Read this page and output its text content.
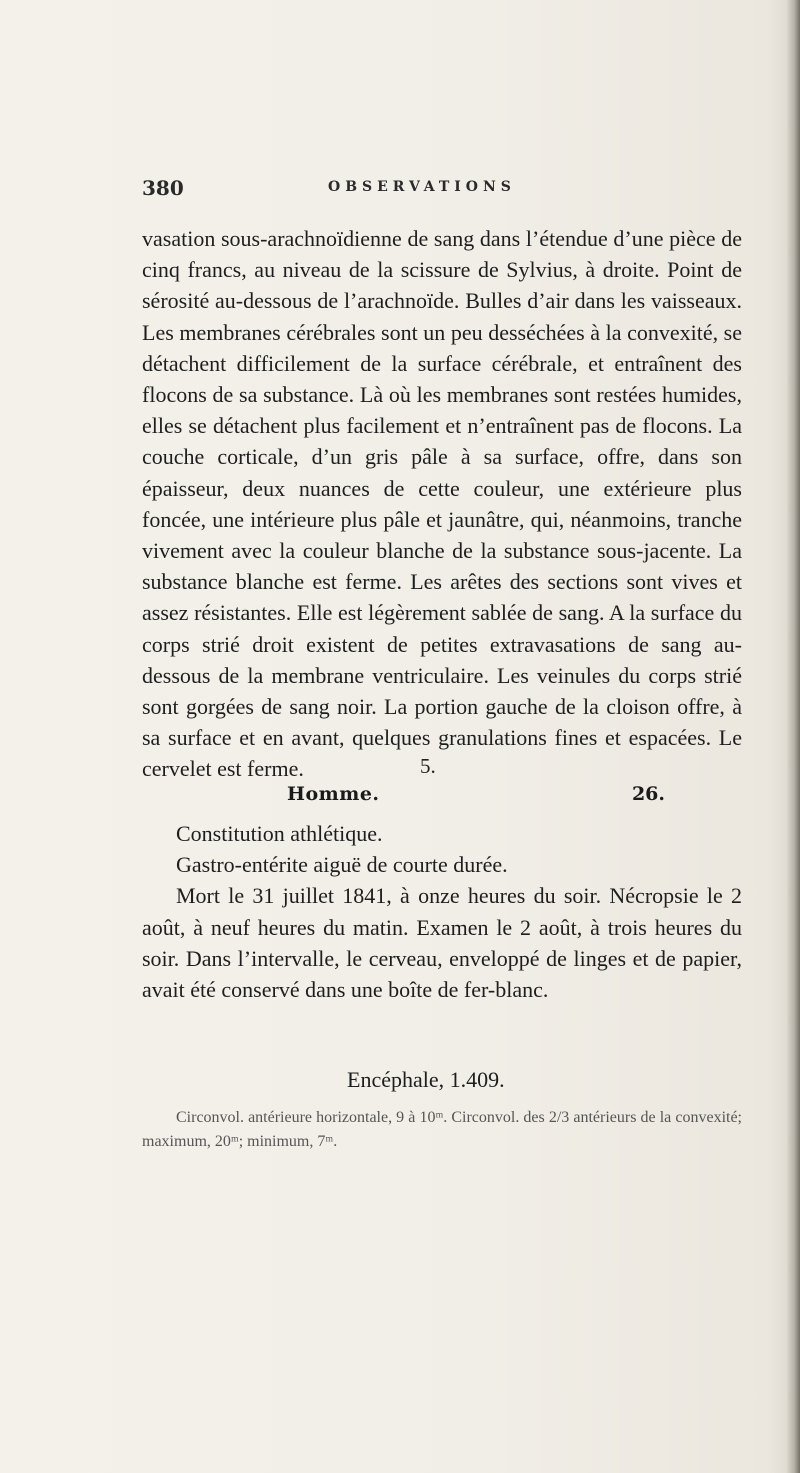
380	OBSERVATIONS

vasation sous-arachnoïdienne de sang dans l’étendue d’une pièce de cinq francs, au niveau de la scissure de Sylvius, à droite. Point de sérosité au-dessous de l’arachnoïde. Bulles d’air dans les vaisseaux. Les membranes cérébrales sont un peu desséchées à la convexité, se détachent difficilement de la surface cérébrale, et entraînent des flocons de sa substance. Là où les membranes sont restées humides, elles se détachent plus facilement et n’entraînent pas de flocons. La couche corticale, d’un gris pâle à sa surface, offre, dans son épaisseur, deux nuances de cette couleur, une extérieure plus foncée, une intérieure plus pâle et jaunâtre, qui, néanmoins, tranche vivement avec la couleur blanche de la substance sous-jacente. La substance blanche est ferme. Les arêtes des sections sont vives et assez résistantes. Elle est légèrement sablée de sang. A la surface du corps strié droit existent de petites extravasations de sang au-dessous de la membrane ventriculaire. Les veinules du corps strié sont gorgées de sang noir. La portion gauche de la cloison offre, à sa surface et en avant, quelques granulations fines et espacées. Le cervelet est ferme.	5.
Homme.	26.

Constitution athlétique.

Gastro-entérite aiguë de courte durée.

Mort le 31 juillet 1841, à onze heures du soir. Nécropsie le 2 août, à neuf heures du matin. Examen le 2 août, à trois heures du soir. Dans l’intervalle, le cerveau, enveloppé de linges et de papier, avait été conservé dans une boîte de fer-blanc.

Encéphale, 1.409.
Circonvol. antérieure horizontale, 9 à 10ᵐ. Circonvol. des 2/3 antérieurs de la convexité; maximum, 20ᵐ; minimum, 7ᵐ.
